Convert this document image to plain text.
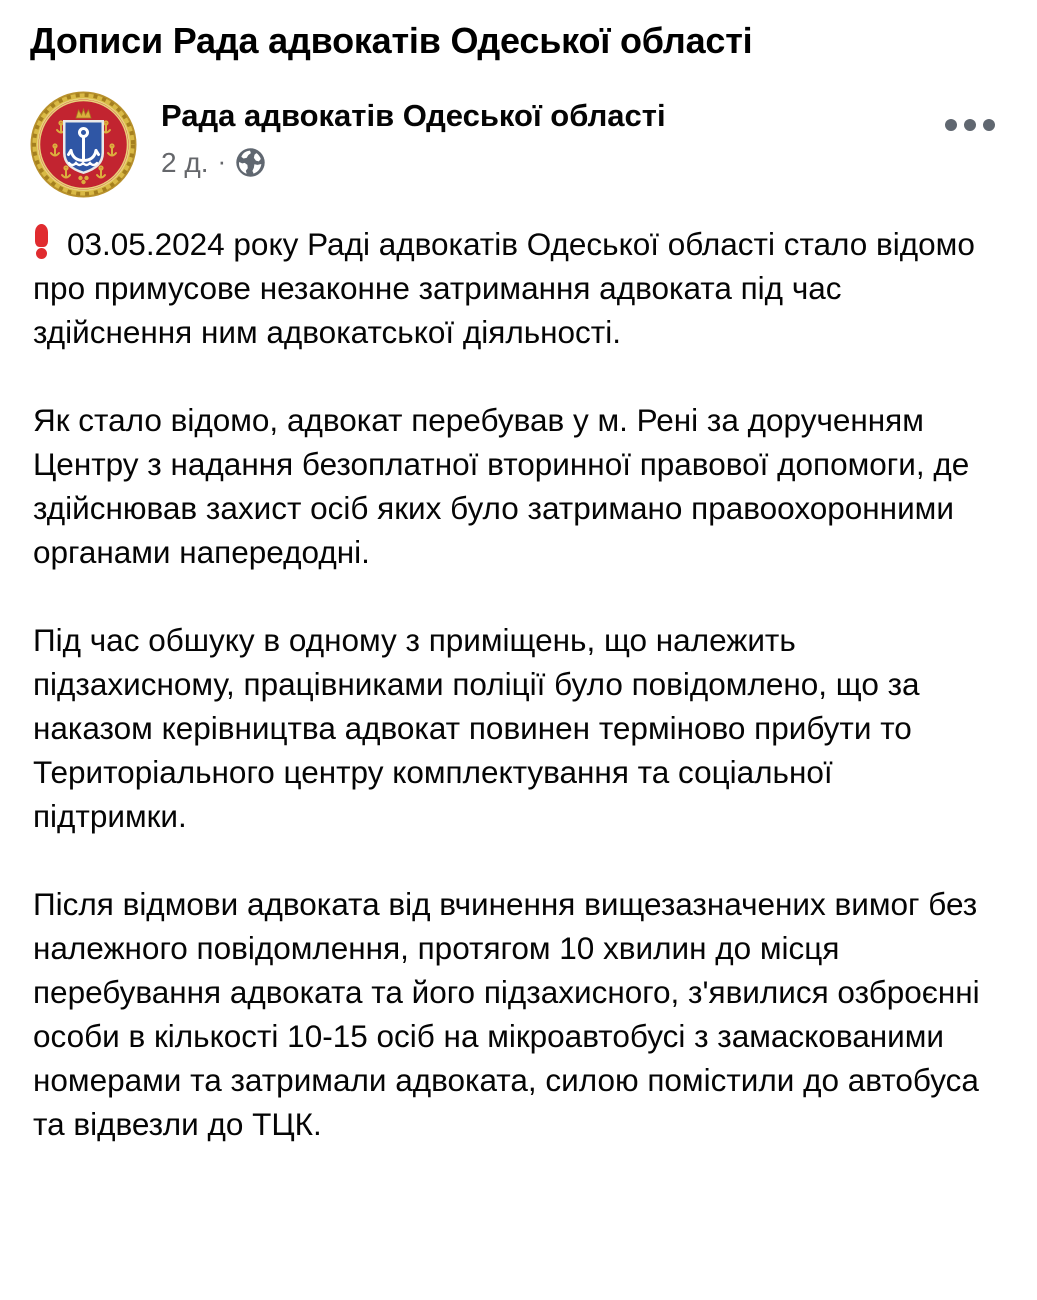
Дописи Рада адвокатів Одеської області
Рада адвокатів Одеської області
2 д. ·

03.05.2024 року Раді адвокатів Одеської області стало відомо про примусове незаконне затримання адвоката під час здійснення ним адвокатської діяльності.

Як стало відомо, адвокат перебував у м. Рені за дорученням Центру з надання безоплатної вторинної правової допомоги, де здійснював захист осіб яких було затримано правоохоронними органами напередодні.

Під час обшуку в одному з приміщень, що належить підзахисному, працівниками поліції було повідомлено, що за наказом керівництва адвокат повинен терміново прибути то Територіального центру комплектування та соціальної підтримки.

Після відмови адвоката від вчинення вищезазначених вимог без належного повідомлення, протягом 10 хвилин до місця перебування адвоката та його підзахисного, з'явилися озброєнні особи в кількості 10-15 осіб на мікроавтобусі з замаскованими номерами та затримали адвоката, силою помістили до автобуса та відвезли до ТЦК.
